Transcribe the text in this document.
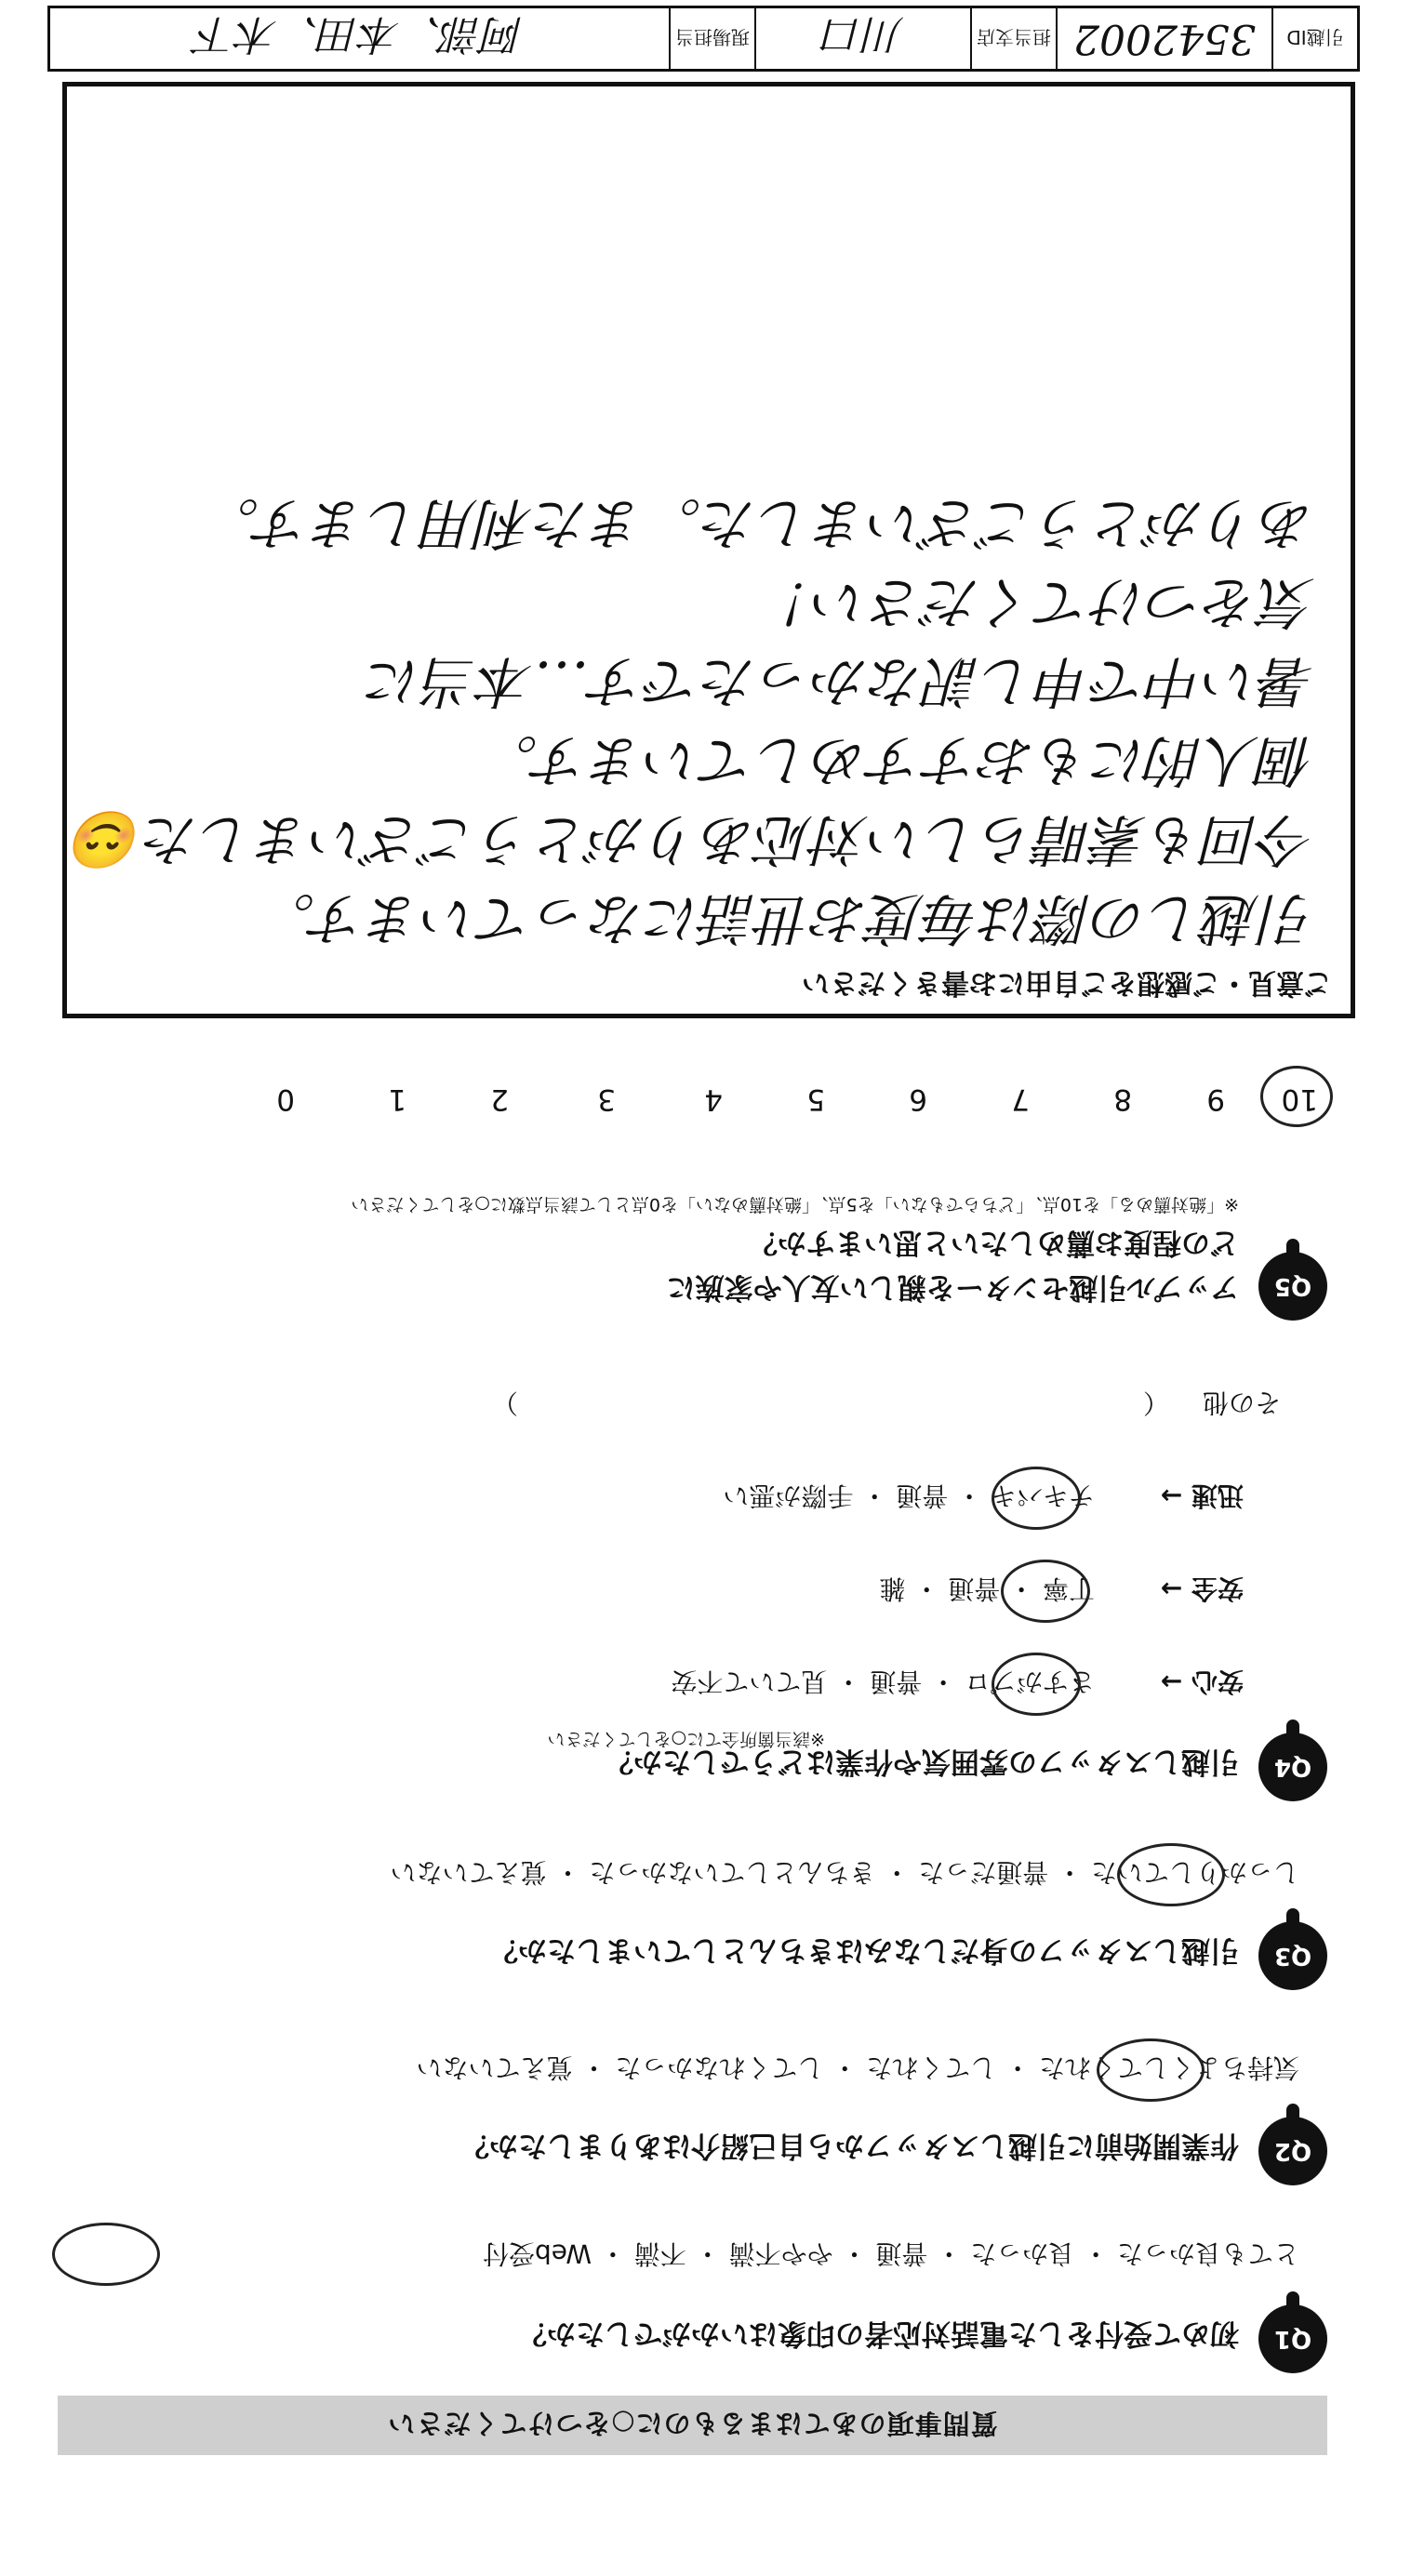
質問事項のあてはまるものに○をつけてください
Q1
初めて受付をした電話対応者の印象はいかがでしたか？
とても良かった ・ 良かった ・ 普通 ・ やや不満 ・ 不満 ・ Web受付
Q2
作業開始前に引越しスタッフから自己紹介はありましたか？
気持ちよくしてくれた ・ してくれた ・ してくれなかった ・ 覚えていない
Q3
引越しスタッフの身だしなみはきちんとしていましたか？
しっかりしていた ・ 普通だった ・ きちんとしていなかった ・ 覚えていない
Q4
引越しスタッフの雰囲気や作業はどうでしたか？
※該当箇所全てに○をしてください
安心 →
さすがプロ ・ 普通 ・ 見ていて不安
安全 →
丁寧 ・ 普通 ・ 雑
迅速 →
テキパキ ・ 普通 ・ 手際が悪い
その他
（　　　　　　　　　　　　　　　　　　　　　　　　）
Q5
アップル引越センターを親しい友人や家族に
どの程度お薦めしたいと思いますか？
※「絶対薦める」を10点、「どちらでもない」を5点、「絶対薦めない」を0点として該当点数に○をしてください
10
9
8
7
6
5
4
3
2
1
0
ご意見・ご感想をご自由にお書きください
引越しの際は毎度お世話になっています。
今回も素晴らしい対応ありがとうございました😊
個人的にもおすすめしています。
暑い中で申し訳なかったです…本当に
気をつけてください！
ありがとうございました。また利用します。
引越ID
3542002
担当支店
川口
現場担当
阿部、本田、木下
